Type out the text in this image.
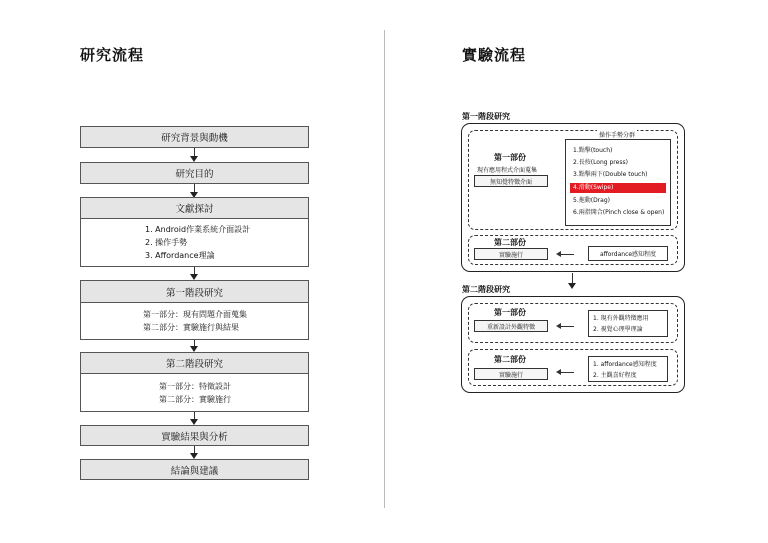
研究流程
研究背景與動機
研究目的
文獻探討
1. Android作業系統介面設計
2. 操作手勢
3. Affordance理論
第一階段研究
第一部分：現有問題介面蒐集
第二部分：實驗施行與結果
第二階段研究
第一部分：特徵設計
第二部分：實驗施行
實驗結果與分析
結論與建議
實驗流程
第一階段研究
第一部份
現有應用程式介面蒐集
無知覺特徵介面
操作手勢分群
1.點擊(touch)
2.長按(Long press)
3.點擊兩下(Double touch)
4.滑動(Swipe)
5.拖動(Drag)
6.兩指開合(Pinch close & open)
第二部份
實驗施行	affordance感知程度
第二階段研究
第一部份
重新設計外觀特徵
1. 現有外觀特徵應用
2. 視覺心理學理論
第二部份
實驗施行
1. affordance感知程度
2. 主觀喜好程度
